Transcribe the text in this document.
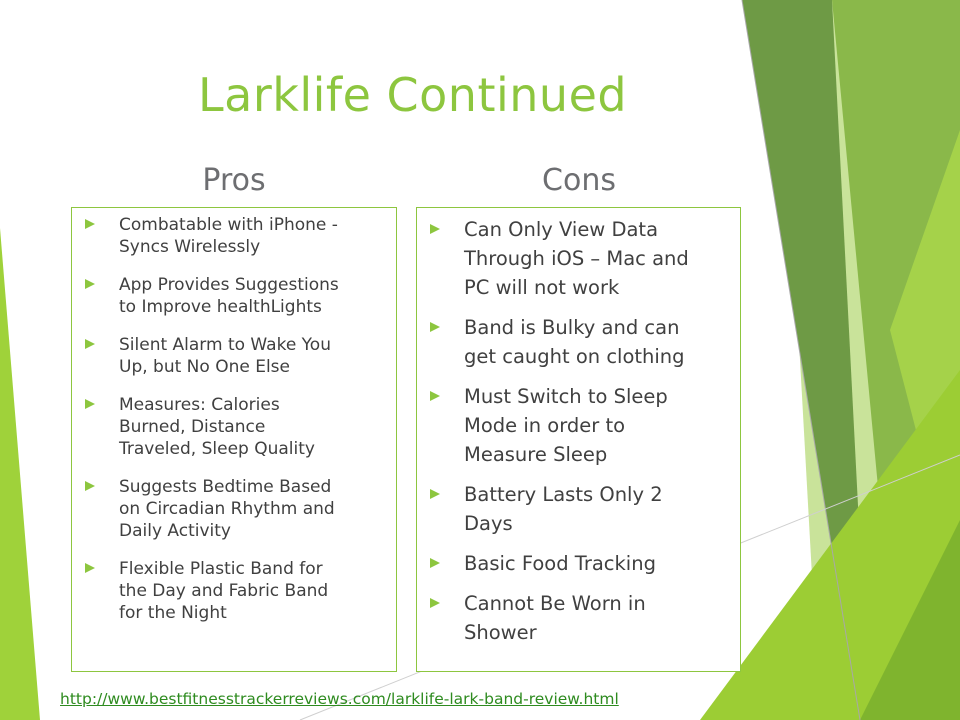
Larklife Continued
Pros	Cons
Combatable with iPhone -
Syncs Wirelessly
App Provides Suggestions
to Improve healthLights
Silent Alarm to Wake You
Up, but No One Else
Measures: Calories
Burned, Distance
Traveled, Sleep Quality
Suggests Bedtime Based
on Circadian Rhythm and
Daily Activity
Flexible Plastic Band for
the Day and Fabric Band
for the Night
Can Only View Data
Through iOS – Mac and
PC will not work
Band is Bulky and can
get caught on clothing
Must Switch to Sleep
Mode in order to
Measure Sleep
Battery Lasts Only 2
Days
Basic Food Tracking
Cannot Be Worn in
Shower
http://www.bestfitnesstrackerreviews.com/larklife-lark-band-review.html
